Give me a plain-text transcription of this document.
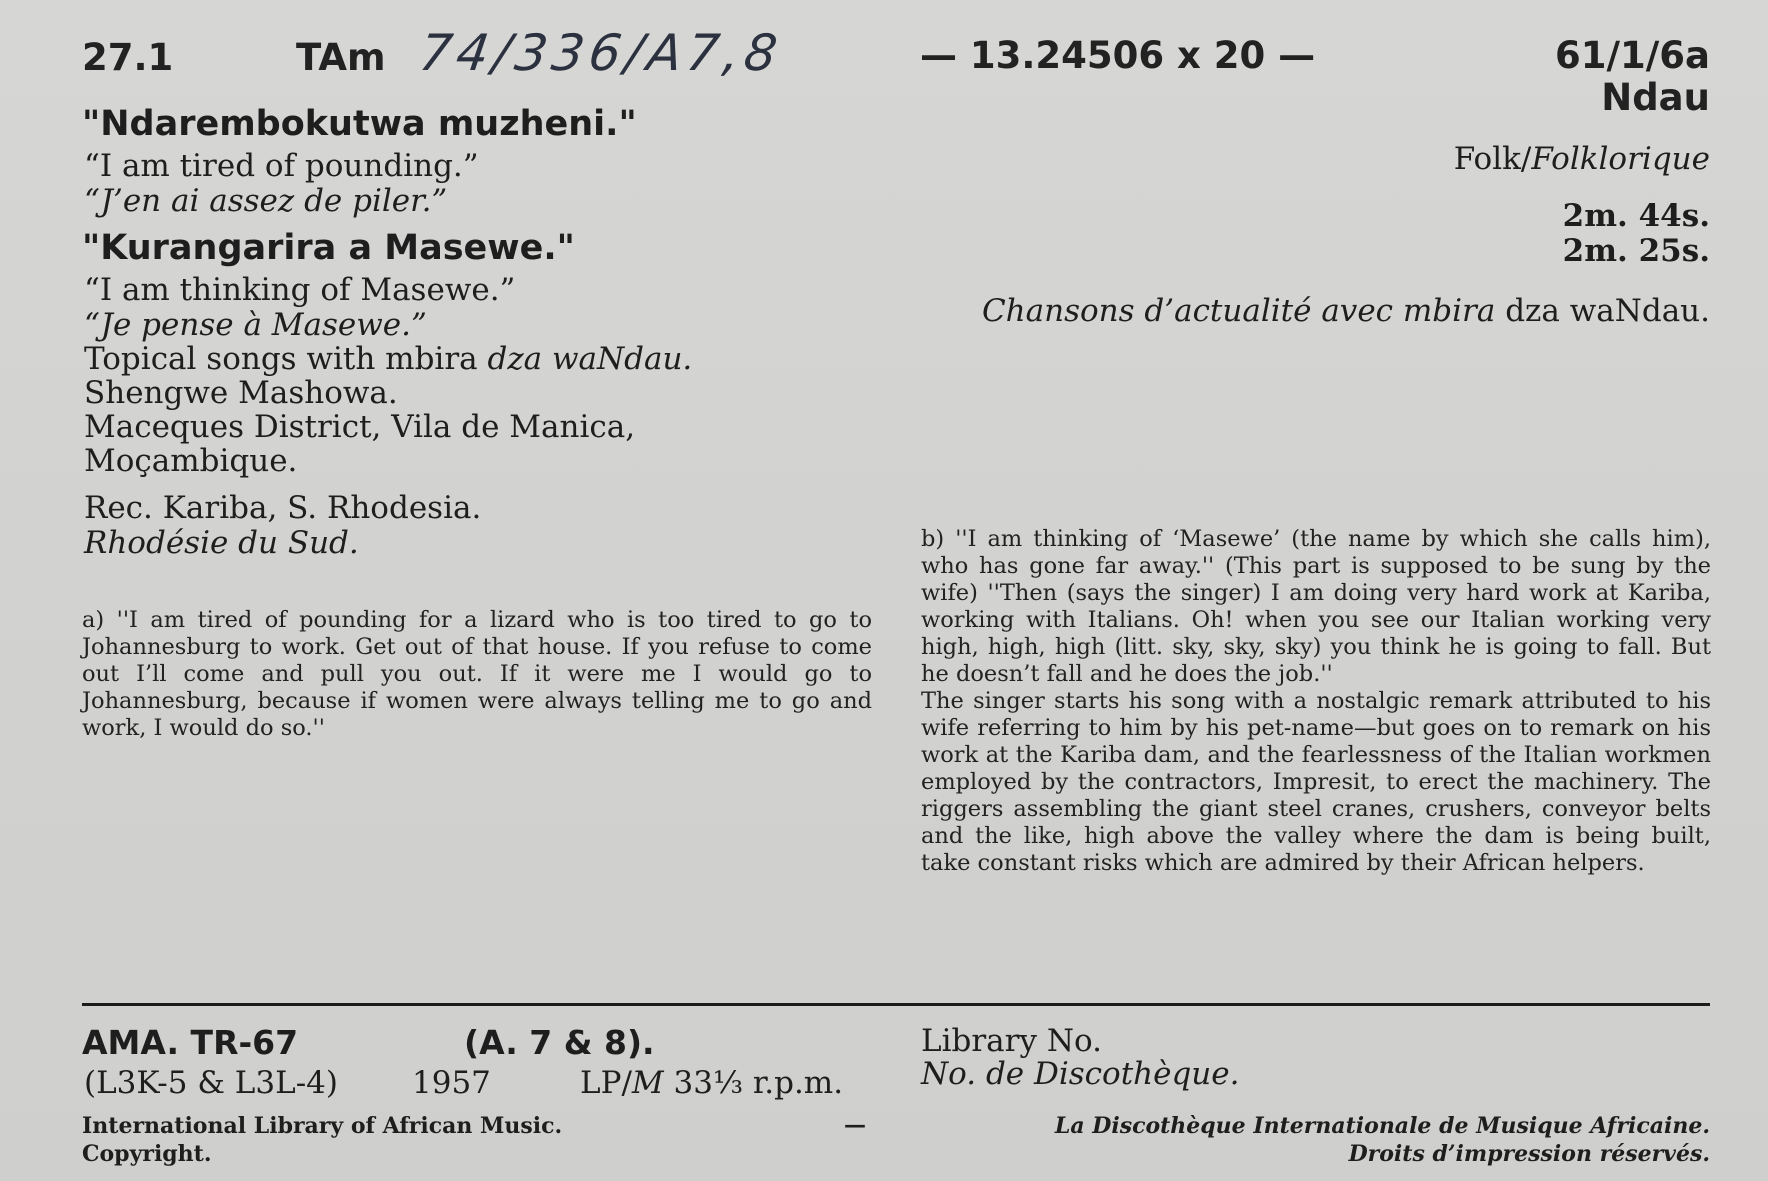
27.1	TAm 74/336/A7,8	— 13.24506 x 20 —	61/1/6a
Ndau
"Ndarembokutwa muzheni."
“I am tired of pounding.”
“J’en ai assez de piler.”
"Kurangarira a Masewe."
“I am thinking of Masewe.”
“Je pense à Masewe.”
Topical songs with mbira dza waNdau.
Shengwe Mashowa.
Maceques District, Vila de Manica,
Moçambique.
Rec. Kariba, S. Rhodesia.
Rhodésie du Sud.
Folk/Folklorique
2m. 44s.
2m. 25s.
Chansons d’actualité avec mbira dza waNdau.

a) ''I am tired of pounding for a lizard who is too tired to go to Johannesburg to work. Get out of that house. If you refuse to come out I’ll come and pull you out. If it were me I would go to Johannesburg, because if women were always telling me to go and work, I would do so.''

b) ''I am thinking of ‘Masewe’ (the name by which she calls him), who has gone far away.'' (This part is supposed to be sung by the wife) ''Then (says the singer) I am doing very hard work at Kariba, working with Italians. Oh! when you see our Italian working very high, high, high (litt. sky, sky, sky) you think he is going to fall. But he doesn’t fall and he does the job.''

The singer starts his song with a nostalgic remark attributed to his wife referring to him by his pet-name—but goes on to remark on his work at the Kariba dam, and the fearlessness of the Italian workmen employed by the contractors, Impresit, to erect the machinery. The riggers assembling the giant steel cranes, crushers, conveyor belts and the like, high above the valley where the dam is being built, take constant risks which are admired by their African helpers.

AMA. TR-67	(A. 7 & 8).
(L3K-5 & L3L-4) 1957	LP/M 33⅓ r.p.m.
Library No.
No. de Discothèque.
International Library of African Music.
Copyright.
—	La Discothèque Internationale de Musique Africaine.
Droits d’impression réservés.
